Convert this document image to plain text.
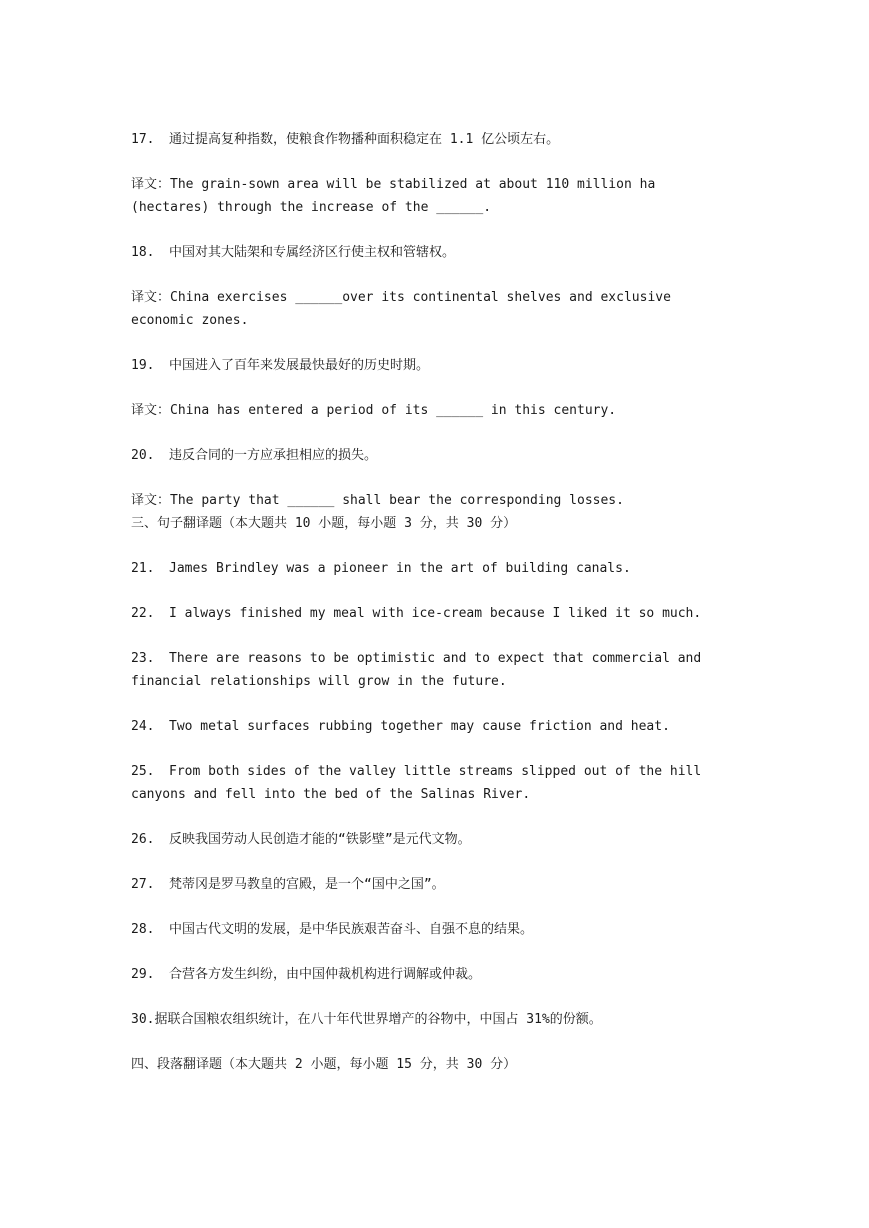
17. 通过提高复种指数，使粮食作物播种面积稳定在 1.1 亿公顷左右。

译文：The grain-sown area will be stabilized at about 110 million ha (hectares) through the increase of the ______.

18. 中国对其大陆架和专属经济区行使主权和管辖权。

译文：China exercises ______over its continental shelves and exclusive economic zones.

19. 中国进入了百年来发展最快最好的历史时期。

译文：China has entered a period of its ______ in this century.

20. 违反合同的一方应承担相应的损失。

译文：The party that ______ shall bear the corresponding losses.

三、句子翻译题（本大题共 10 小题，每小题 3 分，共 30 分）

21. James Brindley was a pioneer in the art of building canals.

22. I always finished my meal with ice-cream because I liked it so much.

23. There are reasons to be optimistic and to expect that commercial and financial relationships will grow in the future.

24. Two metal surfaces rubbing together may cause friction and heat.

25. From both sides of the valley little streams slipped out of the hill canyons and fell into the bed of the Salinas River.

26. 反映我国劳动人民创造才能的“铁影壁”是元代文物。

27. 梵蒂冈是罗马教皇的宫殿，是一个“国中之国”。

28. 中国古代文明的发展，是中华民族艰苦奋斗、自强不息的结果。

29. 合营各方发生纠纷，由中国仲裁机构进行调解或仲裁。

30.据联合国粮农组织统计，在八十年代世界增产的谷物中，中国占 31%的份额。

四、段落翻译题（本大题共 2 小题，每小题 15 分，共 30 分）
